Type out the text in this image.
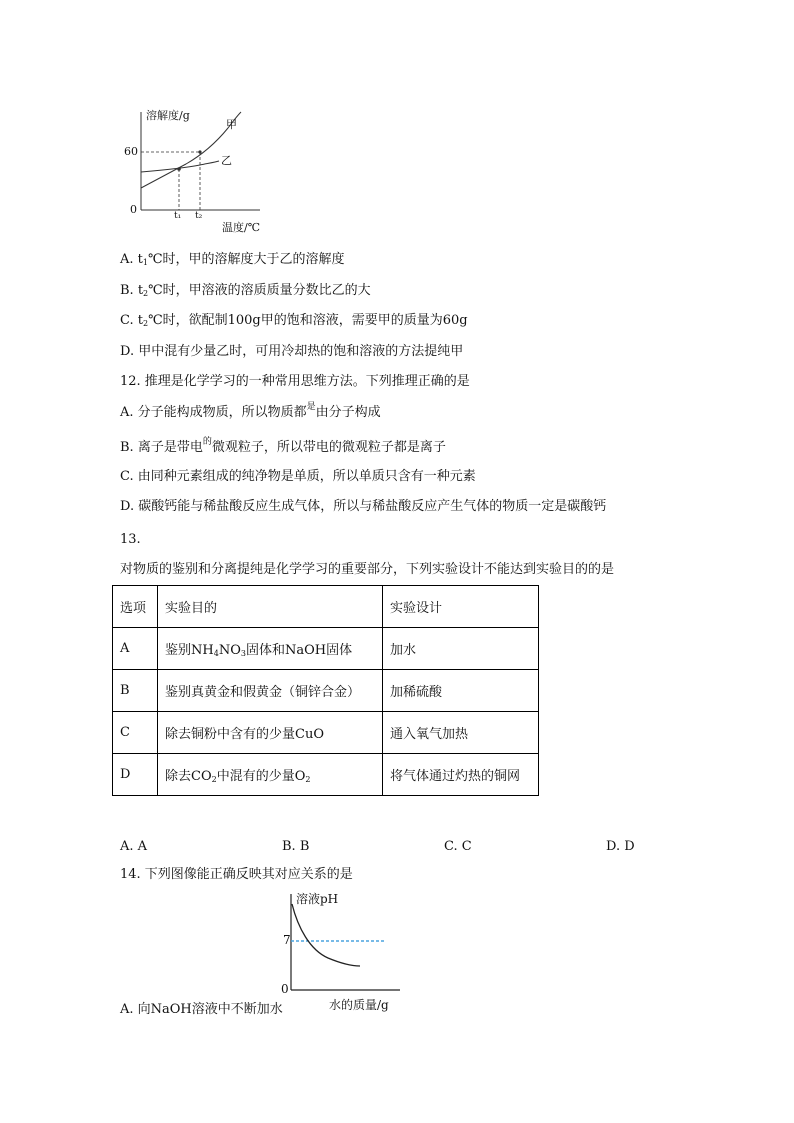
溶解度/g
甲
乙
60
0	t₁ t₂
温度/℃
A. $t_1℃$时，甲的溶解度大于乙的溶解度
B. $t_2℃$时，甲溶液的溶质质量分数比乙的大
C. $t_2℃$时，欲配制100g甲的饱和溶液，需要甲的质量为60g
D. 甲中混有少量乙时，可用冷却热的饱和溶液的方法提纯甲
12. 推理是化学学习的一种常用思维方法。下列推理正确的是
A. 分子能构成物质，所以物质都$^是$由分子构成
B. 离子是带电$^的$微观粒子，所以带电的微观粒子都是离子
C. 由同种元素组成的纯净物是单质，所以单质只含有一种元素
D. 碳酸钙能与稀盐酸反应生成气体，所以与稀盐酸反应产生气体的物质一定是碳酸钙
13.
对物质的鉴别和分离提纯是化学学习的重要部分，下列实验设计不能达到实验目的的是
选项	实验目的	实验设计
A	鉴别$NH_4NO_3$固体和NaOH固体	加水
B	鉴别真黄金和假黄金（铜锌合金）	加稀硫酸
C	除去铜粉中含有的少量CuO	通入氧气加热
D	除去$CO_2$中混有的少量$O_2$	将气体通过灼热的铜网
A. A	B. B	C. C	D. D
14. 下列图像能正确反映其对应关系的是
溶液pH
7
0
水的质量/g
A. 向NaOH溶液中不断加水
